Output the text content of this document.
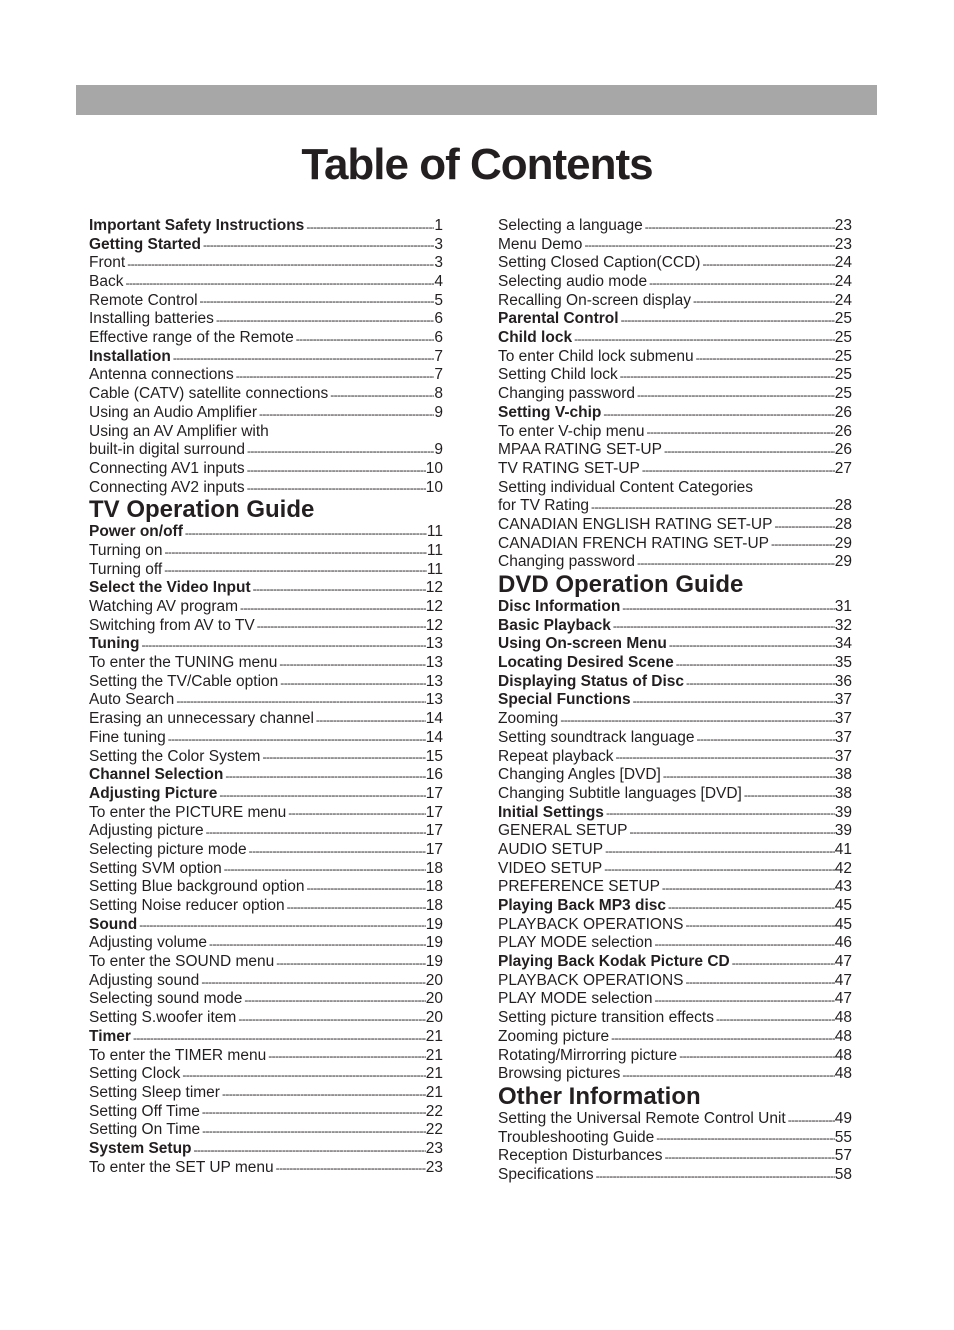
Table of Contents
Important Safety Instructions -----	1
Getting Started -----	3
Front -----	3
Back -----	4
Remote Control -----	5
Installing batteries -----	6
Effective range of the Remote -----	6
Installation -----	7
Antenna connections -----	7
Cable (CATV) satellite connections -----	8
Using an Audio Amplifier -----	9
Using an AV Amplifier with
built-in digital surround -----	9
Connecting AV1 inputs -----	10
Connecting AV2 inputs -----	10
TV Operation Guide
Power on/off -----	11
Turning on -----	11
Turning off -----	11
Select the Video Input -----	12
Watching AV program -----	12
Switching from AV to TV -----	12
Tuning -----	13
To enter the TUNING menu -----	13
Setting the TV/Cable option -----	13
Auto Search -----	13
Erasing an unnecessary channel -----	14
Fine tuning -----	14
Setting the Color System -----	15
Channel Selection -----	16
Adjusting Picture -----	17
To enter the PICTURE menu -----	17
Adjusting picture -----	17
Selecting picture mode -----	17
Setting SVM option -----	18
Setting Blue background option -----	18
Setting Noise reducer option -----	18
Sound -----	19
Adjusting volume -----	19
To enter the SOUND menu -----	19
Adjusting sound -----	20
Selecting sound mode -----	20
Setting S.woofer item -----	20
Timer -----	21
To enter the TIMER menu -----	21
Setting Clock -----	21
Setting Sleep timer -----	21
Setting Off Time -----	22
Setting On Time -----	22
System Setup -----	23
To enter the SET UP menu -----	23
Selecting a language -----	23
Menu Demo -----	23
Setting Closed Caption(CCD) -----	24
Selecting audio mode -----	24
Recalling On-screen display -----	24
Parental Control -----	25
Child lock -----	25
To enter Child lock submenu -----	25
Setting Child lock -----	25
Changing password -----	25
Setting V-chip -----	26
To enter V-chip menu -----	26
MPAA RATING SET-UP -----	26
TV RATING SET-UP -----	27
Setting individual Content Categories
for TV Rating -----	28
CANADIAN ENGLISH RATING SET-UP -----	28
CANADIAN FRENCH RATING SET-UP -----	29
Changing password -----	29
DVD Operation Guide
Disc Information -----	31
Basic Playback -----	32
Using On-screen Menu -----	34
Locating Desired Scene -----	35
Displaying Status of Disc -----	36
Special Functions -----	37
Zooming -----	37
Setting soundtrack language -----	37
Repeat playback -----	37
Changing Angles [DVD] -----	38
Changing Subtitle languages [DVD] -----	38
Initial Settings -----	39
GENERAL SETUP -----	39
AUDIO SETUP -----	41
VIDEO SETUP -----	42
PREFERENCE SETUP -----	43
Playing Back MP3 disc -----	45
PLAYBACK OPERATIONS -----	45
PLAY MODE selection -----	46
Playing Back Kodak Picture CD -----	47
PLAYBACK OPERATIONS -----	47
PLAY MODE selection -----	47
Setting picture transition effects -----	48
Zooming picture -----	48
Rotating/Mirrorring picture -----	48
Browsing pictures -----	48
Other Information
Setting the Universal Remote Control Unit -----	49
Troubleshooting Guide -----	55
Reception Disturbances -----	57
Specifications -----	58
